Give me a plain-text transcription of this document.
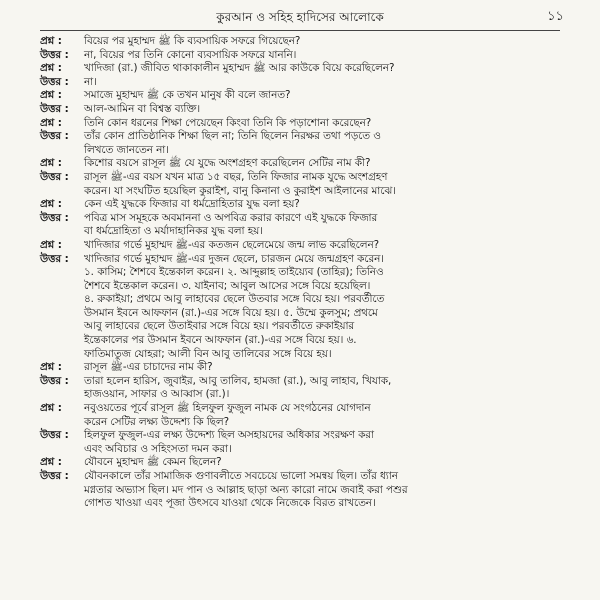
কুরআন ও সহিহ হাদিসের আলোকে	১১
প্রশ্ন :	বিয়ের পর মুহাম্মদ ﷺ কি ব্যবসায়িক সফরে গিয়েছেন?
উত্তর :	না, বিয়ের পর তিনি কোনো ব্যবসায়িক সফরে যাননি।
প্রশ্ন :	খাদিজা (রা.) জীবিত থাকাকালীন মুহাম্মদ ﷺ আর কাউকে বিয়ে করেছিলেন?
উত্তর :	না।
প্রশ্ন :	সমাজে মুহাম্মদ ﷺ কে তখন মানুষ কী বলে জানত?
উত্তর :	আল-আমিন বা বিশ্বস্ত ব্যক্তি।
প্রশ্ন :	তিনি কোন ধরনের শিক্ষা পেয়েছেন কিংবা তিনি কি পড়াশোনা করেছেন?
উত্তর :	তাঁর কোন প্রাতিষ্ঠানিক শিক্ষা ছিল না; তিনি ছিলেন নিরক্ষর তথা পড়তে ও
লিখতে জানতেন না।
প্রশ্ন :	কিশোর বয়সে রাসূল ﷺ যে যুদ্ধে অংশগ্রহণ করেছিলেন সেটির নাম কী?
উত্তর :	রাসূল ﷺ-এর বয়স যখন মাত্র ১৫ বছর, তিনি ফিজার নামক যুদ্ধে অংশগ্রহণ
করেন। যা সংঘটিত হয়েছিল কুরাইশ, বানু কিনানা ও কুরাইশ আইলানের মাঝে।
প্রশ্ন :	কেন এই যুদ্ধকে ফিজার বা ধর্মদ্রোহিতার যুদ্ধ বলা হয়?
উত্তর :	পবিত্র মাস সমূহকে অবমাননা ও অপবিত্র করার কারণে এই যুদ্ধকে ফিজার
বা ধর্মদ্রোহিতা ও মর্যাদাহানিকর যুদ্ধ বলা হয়।
প্রশ্ন :	খাদিজার গর্ভে মুহাম্মদ ﷺ-এর কতজন ছেলেমেয়ে জন্ম লাভ করেছিলেন?
উত্তর :	খাদিজার গর্ভে মুহাম্মদ ﷺ-এর দুজন ছেলে, চারজন মেয়ে জন্মগ্রহণ করেন।
১. কাসিম; শৈশবে ইন্তেকাল করেন। ২. আব্দুল্লাহ তাইয়্যেব (তাহির); তিনিও
শৈশবে ইন্তেকাল করেন। ৩. যাইনাব; আবুল আসের সঙ্গে বিয়ে হয়েছিল।
৪. রুকাইয়া; প্রথমে আবু লাহাবের ছেলে উতবার সঙ্গে বিয়ে হয়। পরবর্তীতে
উসমান ইবনে আফফান (রা.)-এর সঙ্গে বিয়ে হয়। ৫. উম্মে কুলসুম; প্রথমে
আবু লাহাবের ছেলে উতাইবার সঙ্গে বিয়ে হয়। পরবর্তীতে রুকাইয়ার
ইন্তেকালের পর উসমান ইবনে আফফান (রা.)-এর সঙ্গে বিয়ে হয়। ৬.
ফাতিমাতুজ যোহরা; আলী বিন আবু তালিবের সঙ্গে বিয়ে হয়।
প্রশ্ন :	রাসূল ﷺ-এর চাচাদের নাম কী?
উত্তর :	তারা হলেন হারিস, জুবাইর, আবু তালিব, হামজা (রা.), আবু লাহাব, খিযাক,
হাজওয়ান, সাফার ও আব্বাস (রা.)।
প্রশ্ন :	নবুওয়তের পূর্বে রাসূল ﷺ হিলফুল ফুজুল নামক যে সংগঠনের যোগদান
করেন সেটির লক্ষ্য উদ্দেশ্য কি ছিল?
উত্তর :	হিলফুল ফুজুল-এর লক্ষ্য উদ্দেশ্য ছিল অসহায়দের অধিকার সংরক্ষণ করা
এবং অবিচার ও সহিংসতা দমন করা।
প্রশ্ন :	যৌবনে মুহাম্মদ ﷺ কেমন ছিলেন?
উত্তর :	যৌবনকালে তাঁর সামাজিক গুণাবলীতে সবচেয়ে ভালো সমন্বয় ছিল। তাঁর ধ্যান
মগ্নতার অভ্যাস ছিল। মদ পান ও আল্লাহ ছাড়া অন্য কারো নামে জবাই করা পশুর
গোশত খাওয়া এবং পূজা উৎসবে যাওয়া থেকে নিজেকে বিরত রাখতেন।
